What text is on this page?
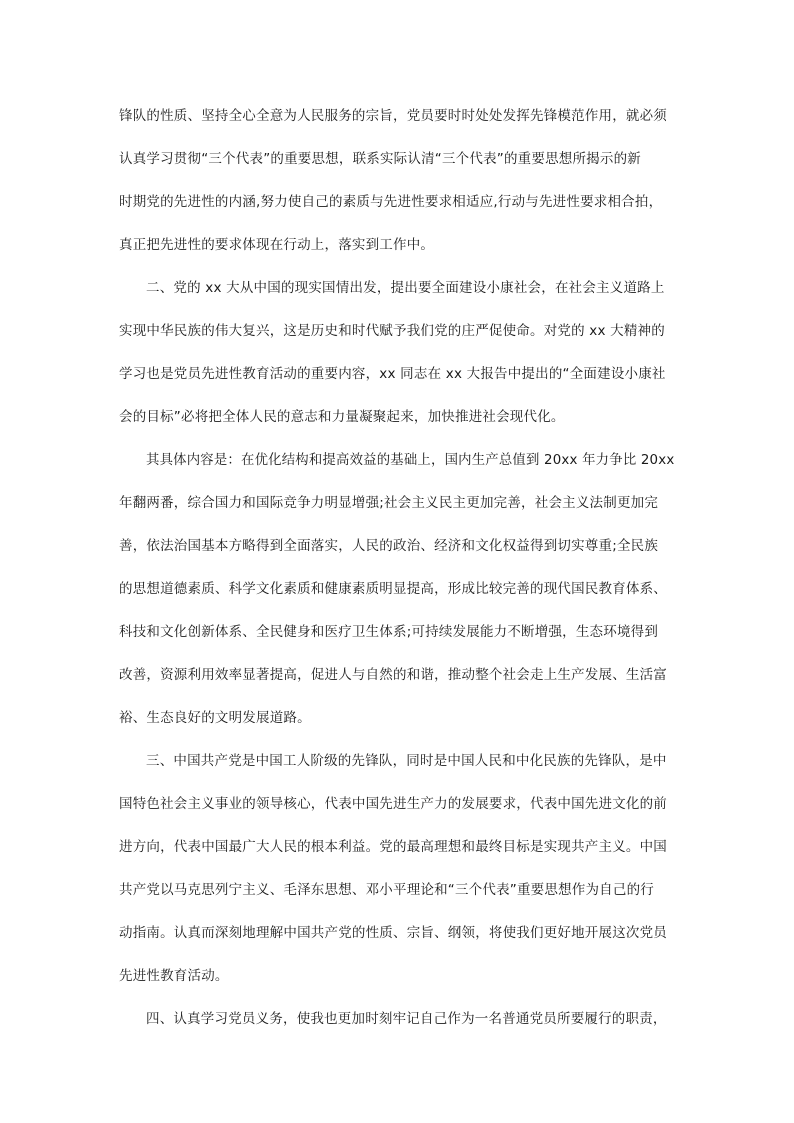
锋队的性质、坚持全心全意为人民服务的宗旨，党员要时时处处发挥先锋模范作用，就必须
认真学习贯彻“三个代表”的重要思想，联系实际认清“三个代表”的重要思想所揭示的新
时期党的先进性的内涵,努力使自己的素质与先进性要求相适应,行动与先进性要求相合拍，
真正把先进性的要求体现在行动上，落实到工作中。
二、党的 xx 大从中国的现实国情出发，提出要全面建设小康社会，在社会主义道路上
实现中华民族的伟大复兴，这是历史和时代赋予我们党的庄严促使命。对党的 xx 大精神的
学习也是党员先进性教育活动的重要内容，xx 同志在 xx 大报告中提出的“全面建设小康社
会的目标”必将把全体人民的意志和力量凝聚起来，加快推进社会现代化。
其具体内容是：在优化结构和提高效益的基础上，国内生产总值到 20xx 年力争比 20xx
年翻两番，综合国力和国际竞争力明显增强;社会主义民主更加完善，社会主义法制更加完
善，依法治国基本方略得到全面落实，人民的政治、经济和文化权益得到切实尊重;全民族
的思想道德素质、科学文化素质和健康素质明显提高，形成比较完善的现代国民教育体系、
科技和文化创新体系、全民健身和医疗卫生体系;可持续发展能力不断增强，生态环境得到
改善，资源利用效率显著提高，促进人与自然的和谐，推动整个社会走上生产发展、生活富
裕、生态良好的文明发展道路。
三、中国共产党是中国工人阶级的先锋队，同时是中国人民和中化民族的先锋队，是中
国特色社会主义事业的领导核心，代表中国先进生产力的发展要求，代表中国先进文化的前
进方向，代表中国最广大人民的根本利益。党的最高理想和最终目标是实现共产主义。中国
共产党以马克思列宁主义、毛泽东思想、邓小平理论和“三个代表”重要思想作为自己的行
动指南。认真而深刻地理解中国共产党的性质、宗旨、纲领，将使我们更好地开展这次党员
先进性教育活动。
四、认真学习党员义务，使我也更加时刻牢记自己作为一名普通党员所要履行的职责，
